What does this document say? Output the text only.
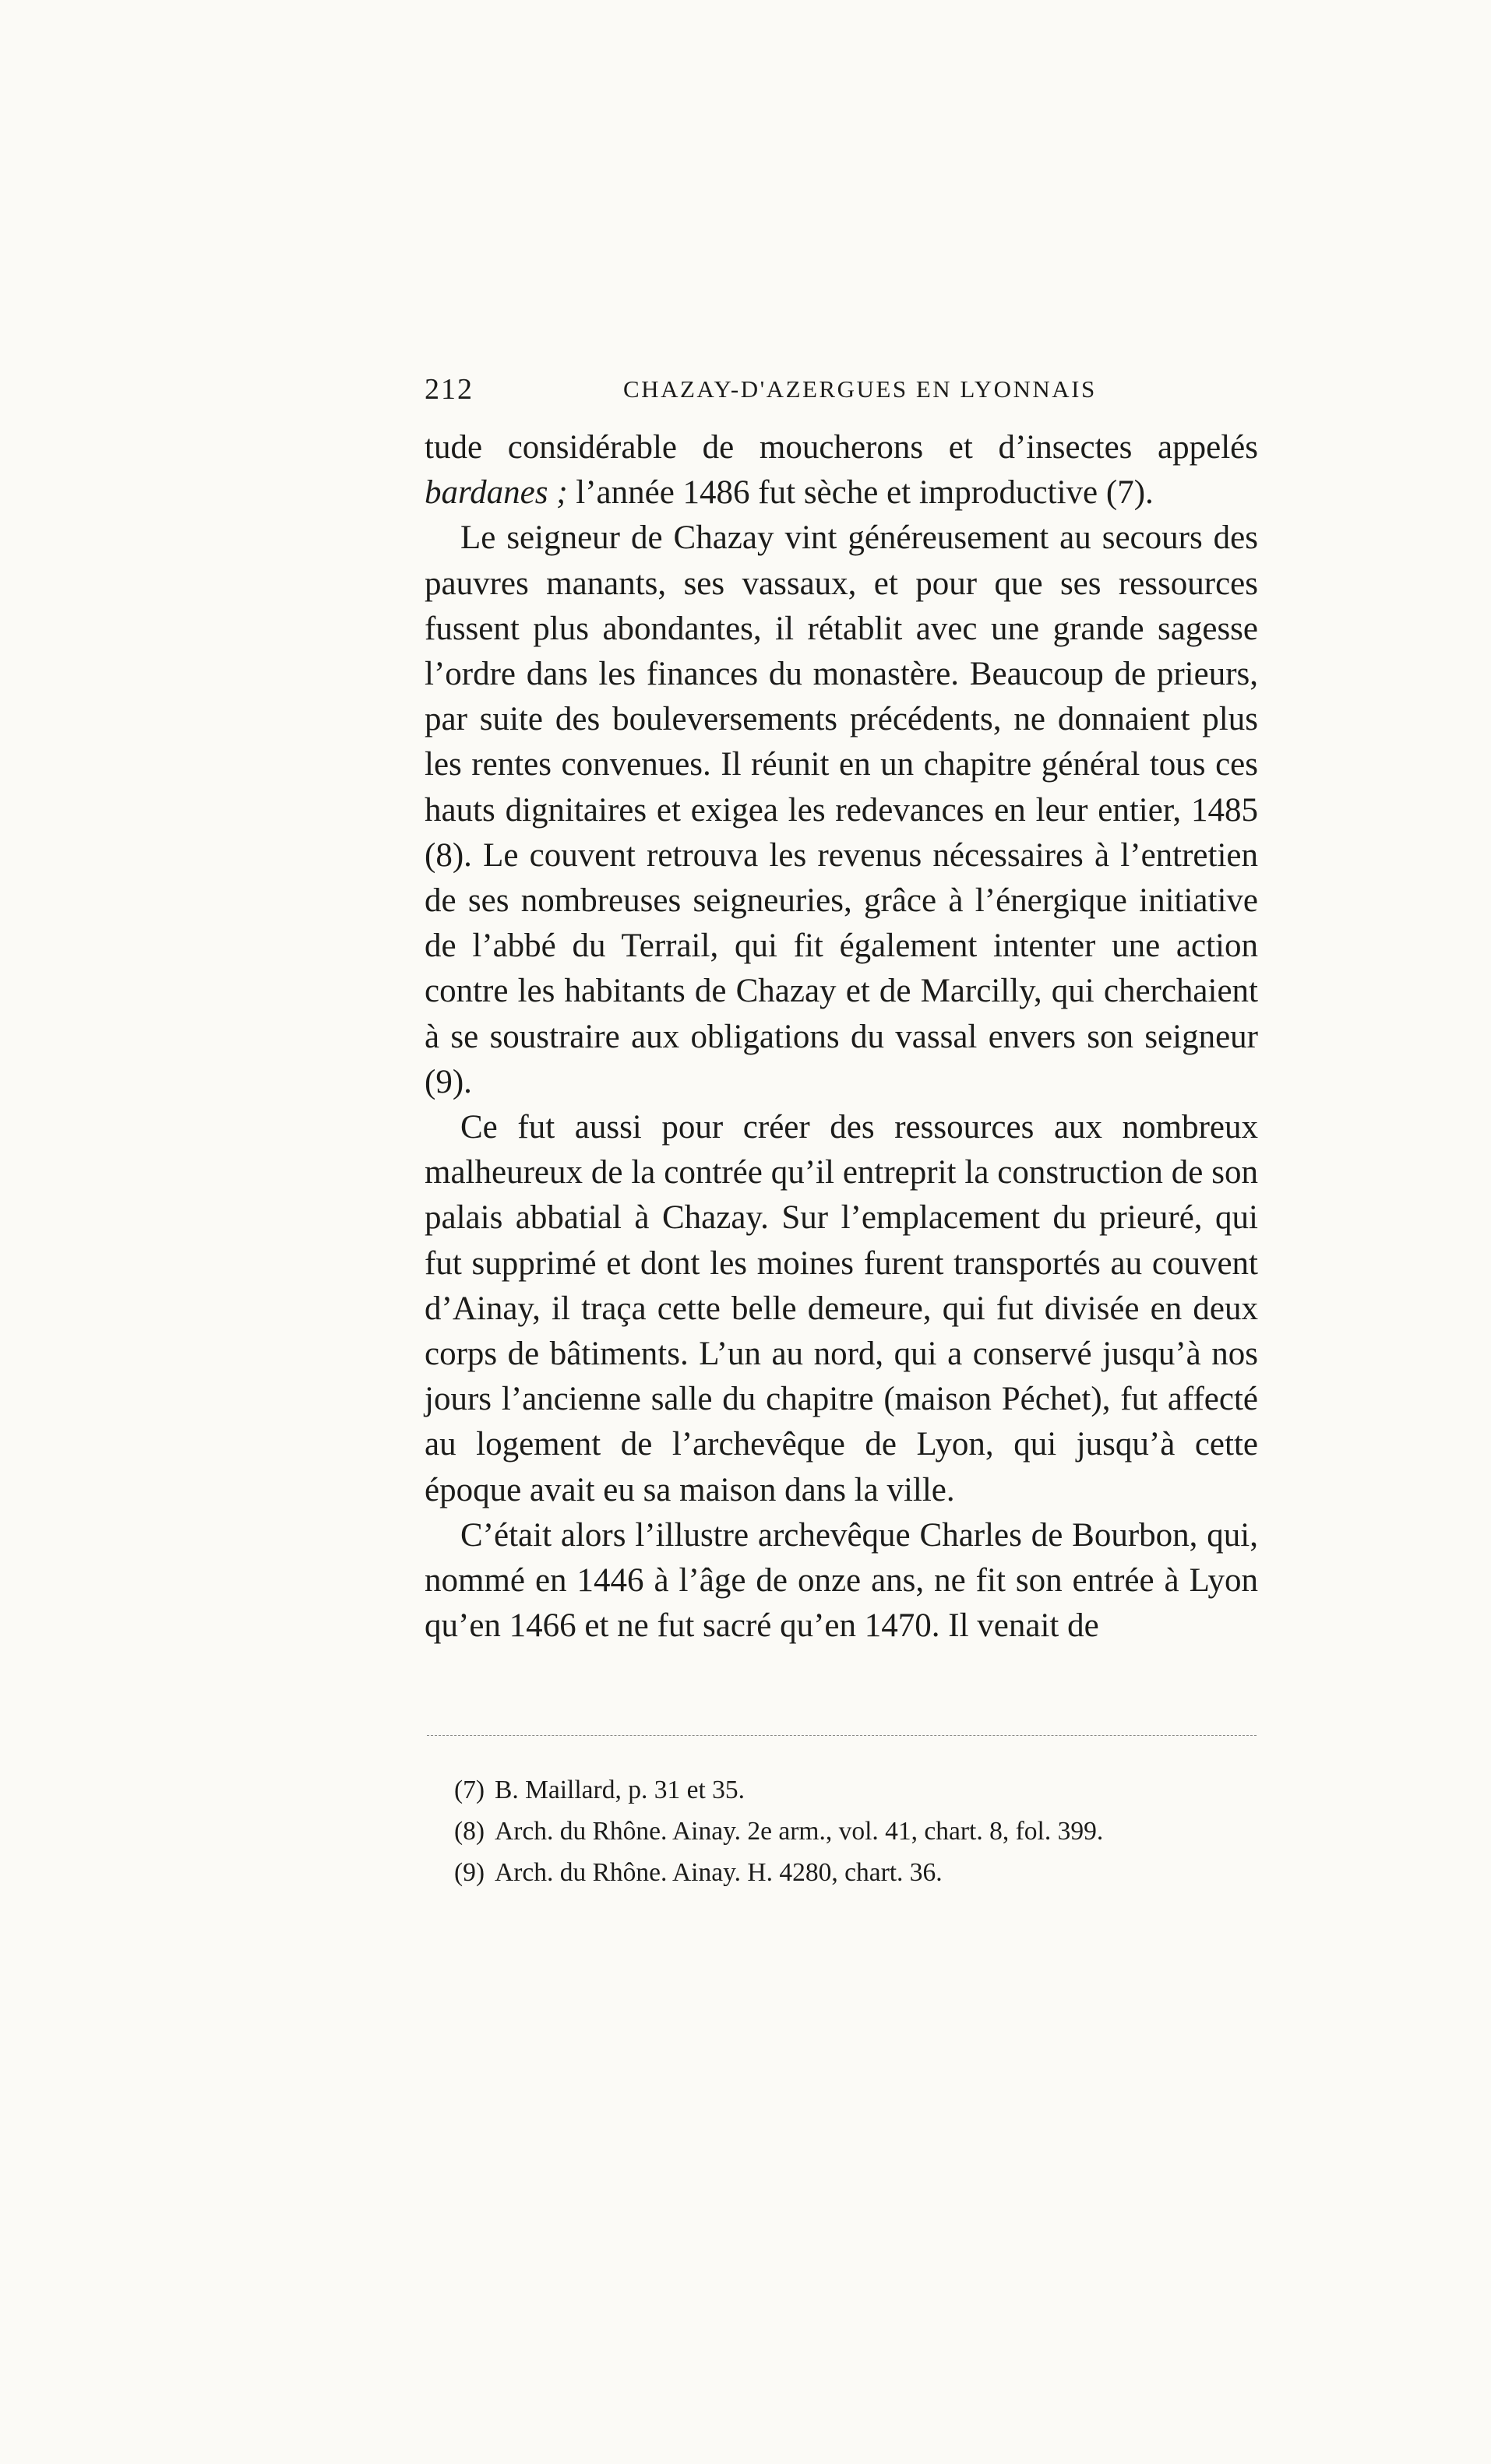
212	CHAZAY-D'AZERGUES EN LYONNAIS

tude considérable de moucherons et d’insectes appelés bardanes ; l’année 1486 fut sèche et improductive (7).

Le seigneur de Chazay vint généreusement au secours des pauvres manants, ses vassaux, et pour que ses ressources fussent plus abondantes, il rétablit avec une grande sagesse l’ordre dans les finances du monastère. Beaucoup de prieurs, par suite des bouleversements précédents, ne donnaient plus les rentes convenues. Il réunit en un chapitre général tous ces hauts dignitaires et exigea les redevances en leur entier, 1485 (8). Le couvent retrouva les revenus nécessaires à l’entretien de ses nombreuses seigneuries, grâce à l’énergique initiative de l’abbé du Terrail, qui fit également intenter une action contre les habitants de Chazay et de Marcilly, qui cherchaient à se soustraire aux obligations du vassal envers son seigneur (9).

Ce fut aussi pour créer des ressources aux nombreux malheureux de la contrée qu’il entreprit la construction de son palais abbatial à Chazay. Sur l’emplacement du prieuré, qui fut supprimé et dont les moines furent transportés au couvent d’Ainay, il traça cette belle demeure, qui fut divisée en deux corps de bâtiments. L’un au nord, qui a conservé jusqu’à nos jours l’ancienne salle du chapitre (maison Péchet), fut affecté au logement de l’archevêque de Lyon, qui jusqu’à cette époque avait eu sa maison dans la ville.

C’était alors l’illustre archevêque Charles de Bourbon, qui, nommé en 1446 à l’âge de onze ans, ne fit son entrée à Lyon qu’en 1466 et ne fut sacré qu’en 1470. Il venait de

(7) B. Maillard, p. 31 et 35.
(8) Arch. du Rhône. Ainay. 2e arm., vol. 41, chart. 8, fol. 399.
(9) Arch. du Rhône. Ainay. H. 4280, chart. 36.
